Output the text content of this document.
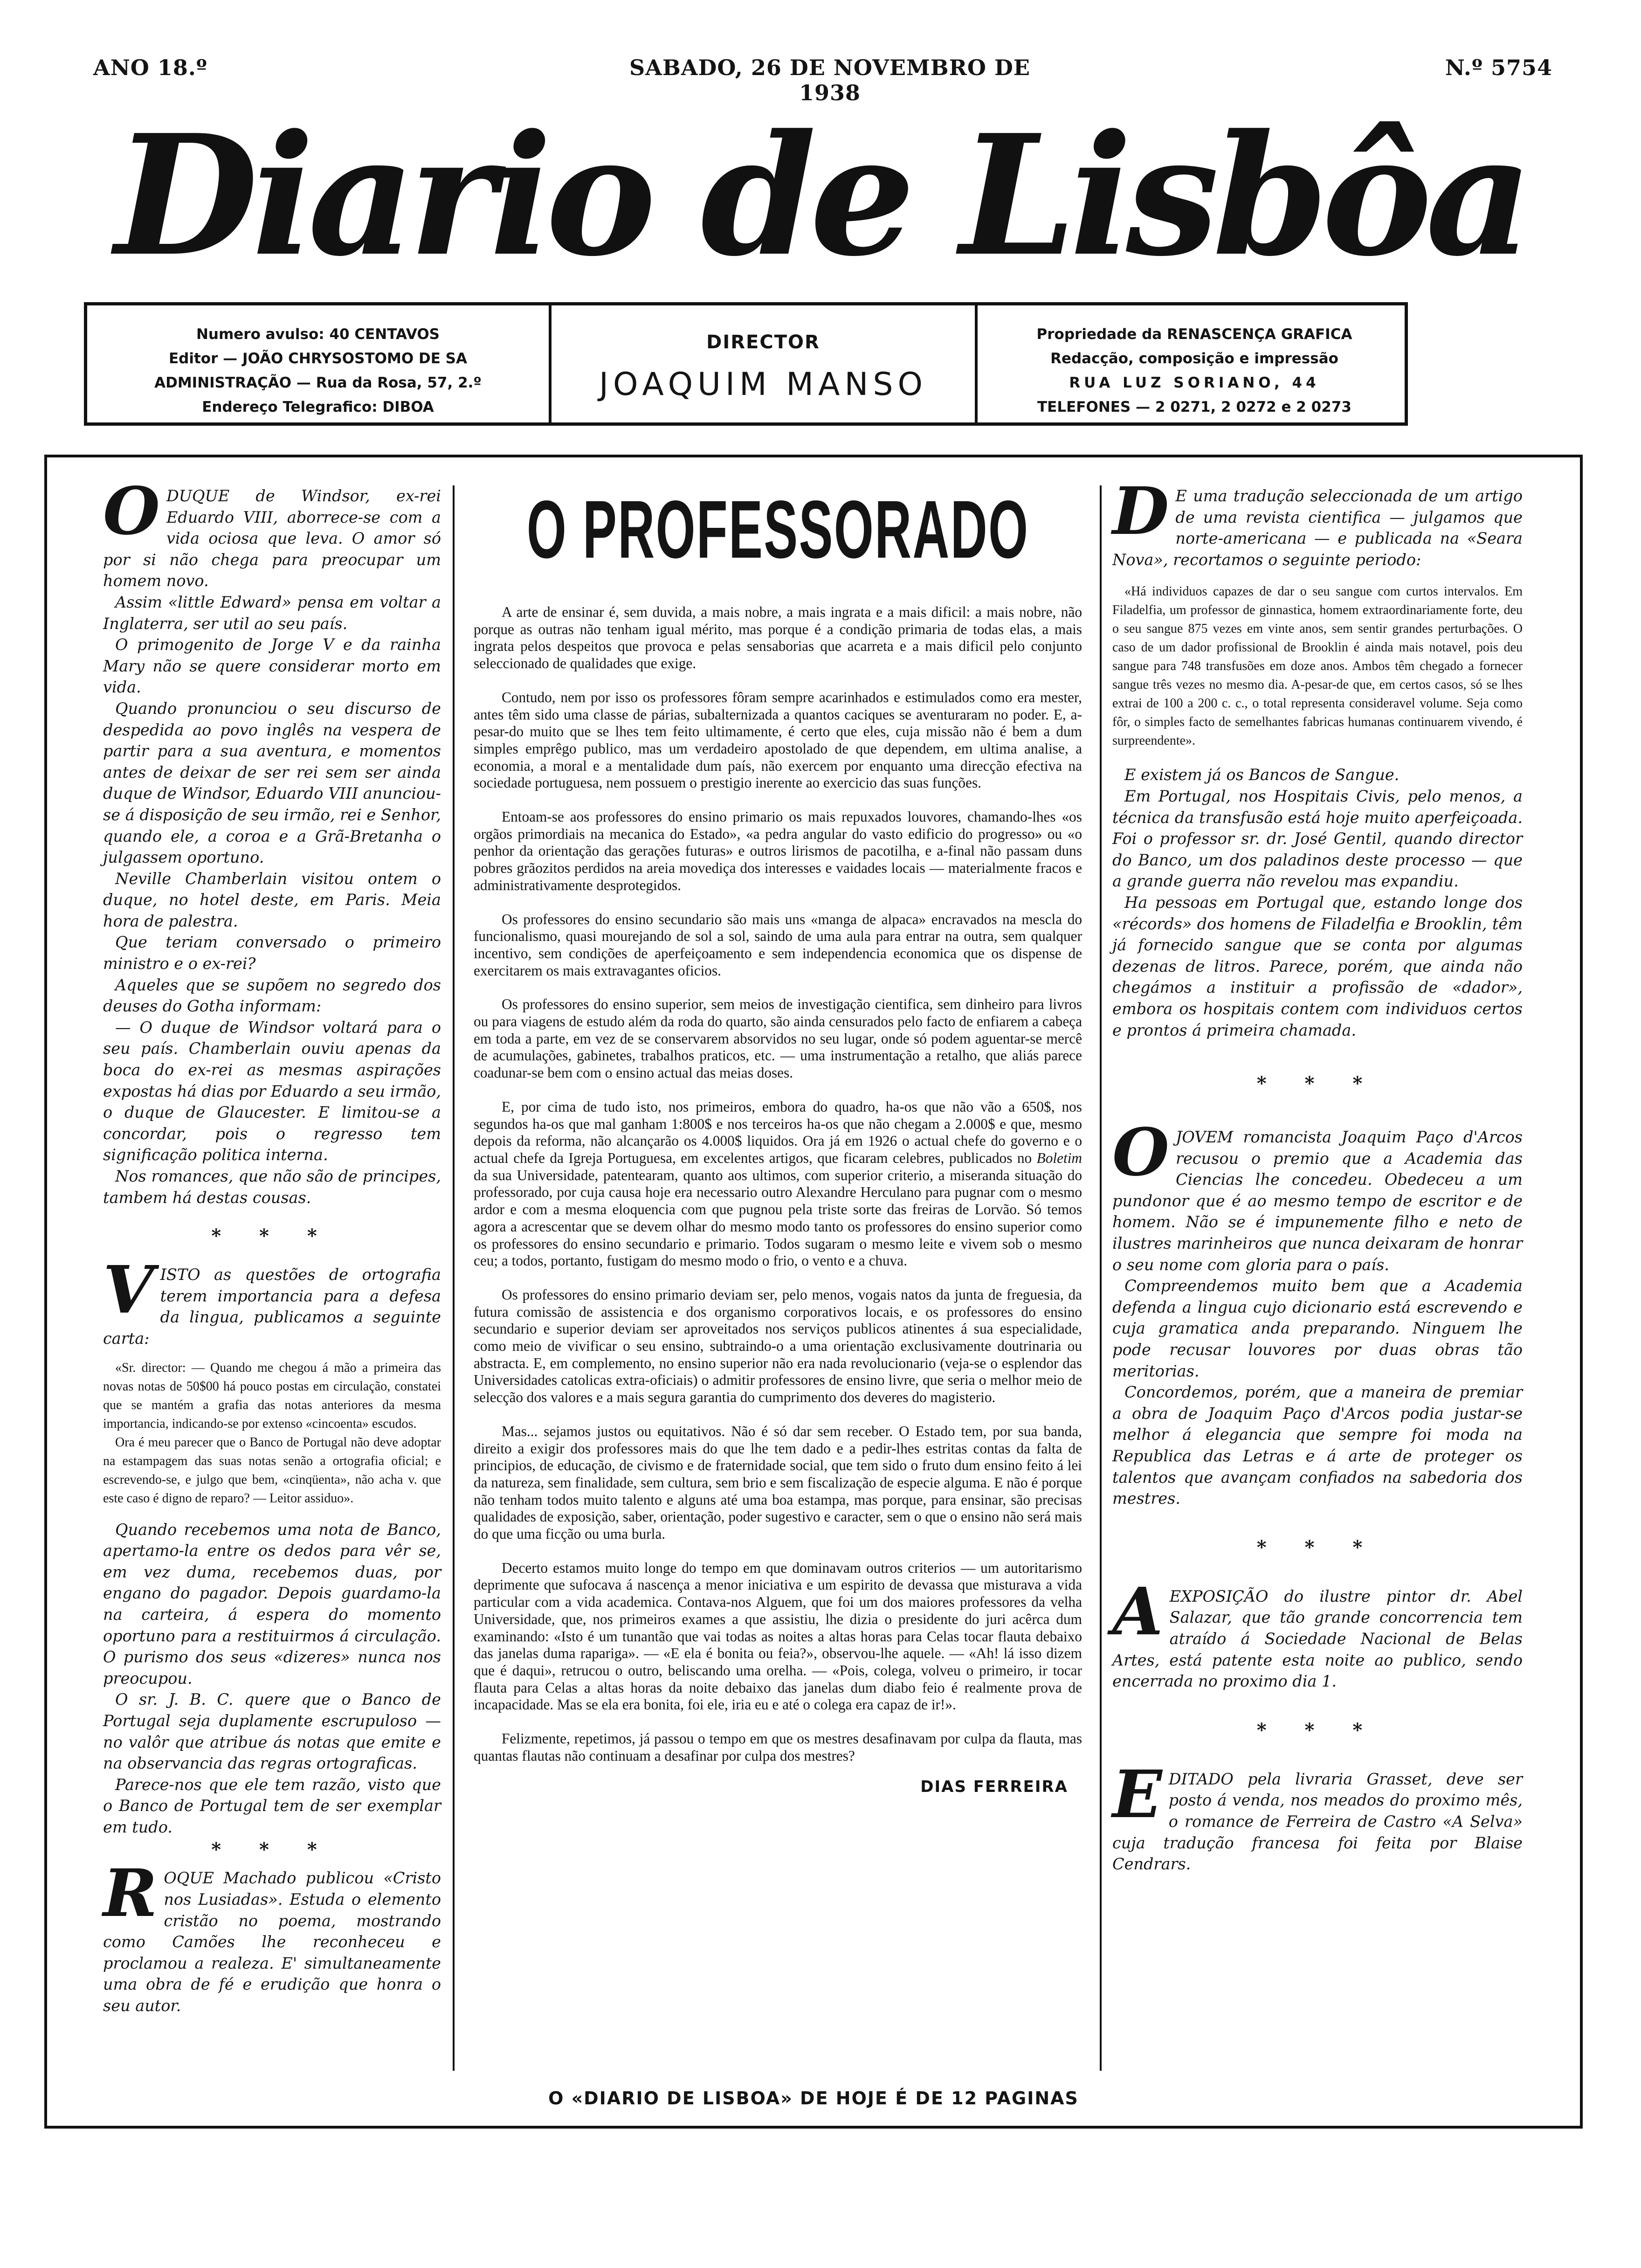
ANO 18.º	SABADO, 26 DE NOVEMBRO DE 1938
N.º 5754
Diario de Lisbôa
Numero avulso: 40 CENTAVOS
Editor — JOÃO CHRYSOSTOMO DE SA
ADMINISTRAÇÃO — Rua da Rosa, 57, 2.º
Endereço Telegrafico: DIBOA
DIRECTOR
JOAQUIM MANSO
Propriedade da RENASCENÇA GRAFICA
Redacção, composição e impressão
RUA LUZ SORIANO, 44
TELEFONES — 2 0271, 2 0272 e 2 0273

ODUQUE de Windsor, ex-rei Eduardo VIII, aborrece-se com a vida ociosa que leva. O amor só por si não chega para preocupar um homem novo.

Assim «little Edward» pensa em voltar a Inglaterra, ser util ao seu país.

O primogenito de Jorge V e da rainha Mary não se quere considerar morto em vida.

Quando pronunciou o seu discurso de despedida ao povo inglês na vespera de partir para a sua aventura, e momentos antes de deixar de ser rei sem ser ainda duque de Windsor, Eduardo VIII anunciou-se á disposição de seu irmão, rei e Senhor, quando ele, a coroa e a Grã-Bretanha o julgassem oportuno.

Neville Chamberlain visitou ontem o duque, no hotel deste, em Paris. Meia hora de palestra.

Que teriam conversado o primeiro ministro e o ex-rei?

Aqueles que se supõem no segredo dos deuses do Gotha informam:

— O duque de Windsor voltará para o seu país. Chamberlain ouviu apenas da boca do ex-rei as mesmas aspirações expostas há dias por Eduardo a seu irmão, o duque de Glaucester. E limitou-se a concordar, pois o regresso tem significação politica interna.

Nos romances, que não são de principes, tambem há destas cousas.

* * *

VISTO as questões de ortografia terem importancia para a defesa da lingua, publicamos a seguinte carta:

«Sr. director: — Quando me chegou á mão a primeira das novas notas de 50$00 há pouco postas em circulação, constatei que se mantém a grafia das notas anteriores da mesma importancia, indicando-se por extenso «cincoenta» escudos.

Ora é meu parecer que o Banco de Portugal não deve adoptar na estampagem das suas notas senão a ortografia oficial; e escrevendo-se, e julgo que bem, «cinqüenta», não acha v. que este caso é digno de reparo? — Leitor assiduo».

Quando recebemos uma nota de Banco, apertamo-la entre os dedos para vêr se, em vez duma, recebemos duas, por engano do pagador. Depois guardamo-la na carteira, á espera do momento oportuno para a restituirmos á circulação. O purismo dos seus «dizeres» nunca nos preocupou.

O sr. J. B. C. quere que o Banco de Portugal seja duplamente escrupuloso — no valôr que atribue ás notas que emite e na observancia das regras ortograficas.

Parece-nos que ele tem razão, visto que o Banco de Portugal tem de ser exemplar em tudo.

* * *

ROQUE Machado publicou «Cristo nos Lusiadas». Estuda o elemento cristão no poema, mostrando como Camões lhe reconheceu e proclamou a realeza. E' simultaneamente uma obra de fé e erudição que honra o seu autor.

O PROFESSORADO

A arte de ensinar é, sem duvida, a mais nobre, a mais ingrata e a mais dificil: a mais nobre, não porque as outras não tenham igual mérito, mas porque é a condição primaria de todas elas, a mais ingrata pelos despeitos que provoca e pelas sensaborias que acarreta e a mais dificil pelo conjunto seleccionado de qualidades que exige.

Contudo, nem por isso os professores fôram sempre acarinhados e estimulados como era mester, antes têm sido uma classe de párias, subalternizada a quantos caciques se aventuraram no poder. E, a-pesar-do muito que se lhes tem feito ultimamente, é certo que eles, cuja missão não é bem a dum simples emprêgo publico, mas um verdadeiro apostolado de que dependem, em ultima analise, a economia, a moral e a mentalidade dum país, não exercem por enquanto uma direcção efectiva na sociedade portuguesa, nem possuem o prestigio inerente ao exercicio das suas funções.

Entoam-se aos professores do ensino primario os mais repuxados louvores, chamando-lhes «os orgãos primordiais na mecanica do Estado», «a pedra angular do vasto edificio do progresso» ou «o penhor da orientação das gerações futuras» e outros lirismos de pacotilha, e a-final não passam duns pobres grãozitos perdidos na areia movediça dos interesses e vaidades locais — materialmente fracos e administrativamente desprotegidos.

Os professores do ensino secundario são mais uns «manga de alpaca» encravados na mescla do funcionalismo, quasi mourejando de sol a sol, saindo de uma aula para entrar na outra, sem qualquer incentivo, sem condições de aperfeiçoamento e sem independencia economica que os dispense de exercitarem os mais extravagantes oficios.

Os professores do ensino superior, sem meios de investigação cientifica, sem dinheiro para livros ou para viagens de estudo além da roda do quarto, são ainda censurados pelo facto de enfiarem a cabeça em toda a parte, em vez de se conservarem absorvidos no seu lugar, onde só podem aguentar-se mercê de acumulações, gabinetes, trabalhos praticos, etc. — uma instrumentação a retalho, que aliás parece coadunar-se bem com o ensino actual das meias doses.

E, por cima de tudo isto, nos primeiros, embora do quadro, ha-os que não vão a 650$, nos segundos ha-os que mal ganham 1:800$ e nos terceiros ha-os que não chegam a 2.000$ e que, mesmo depois da reforma, não alcançarão os 4.000$ liquidos. Ora já em 1926 o actual chefe do governo e o actual chefe da Igreja Portuguesa, em excelentes artigos, que ficaram celebres, publicados no Boletim da sua Universidade, patentearam, quanto aos ultimos, com superior criterio, a miseranda situação do professorado, por cuja causa hoje era necessario outro Alexandre Herculano para pugnar com o mesmo ardor e com a mesma eloquencia com que pugnou pela triste sorte das freiras de Lorvão. Só temos agora a acrescentar que se devem olhar do mesmo modo tanto os professores do ensino superior como os professores do ensino secundario e primario. Todos sugaram o mesmo leite e vivem sob o mesmo ceu; a todos, portanto, fustigam do mesmo modo o frio, o vento e a chuva.

Os professores do ensino primario deviam ser, pelo menos, vogais natos da junta de freguesia, da futura comissão de assistencia e dos organismo corporativos locais, e os professores do ensino secundario e superior deviam ser aproveitados nos serviços publicos atinentes á sua especialidade, como meio de vivificar o seu ensino, subtraindo-o a uma orientação exclusivamente doutrinaria ou abstracta. E, em complemento, no ensino superior não era nada revolucionario (veja-se o esplendor das Universidades catolicas extra-oficiais) o admitir professores de ensino livre, que seria o melhor meio de selecção dos valores e a mais segura garantia do cumprimento dos deveres do magisterio.

Mas... sejamos justos ou equitativos. Não é só dar sem receber. O Estado tem, por sua banda, direito a exigir dos professores mais do que lhe tem dado e a pedir-lhes estritas contas da falta de principios, de educação, de civismo e de fraternidade social, que tem sido o fruto dum ensino feito á lei da natureza, sem finalidade, sem cultura, sem brio e sem fiscalização de especie alguma. E não é porque não tenham todos muito talento e alguns até uma boa estampa, mas porque, para ensinar, são precisas qualidades de exposição, saber, orientação, poder sugestivo e caracter, sem o que o ensino não será mais do que uma ficção ou uma burla.

Decerto estamos muito longe do tempo em que dominavam outros criterios — um autoritarismo deprimente que sufocava á nascença a menor iniciativa e um espirito de devassa que misturava a vida particular com a vida academica. Contava-nos Alguem, que foi um dos maiores professores da velha Universidade, que, nos primeiros exames a que assistiu, lhe dizia o presidente do juri acêrca dum examinando: «Isto é um tunantão que vai todas as noites a altas horas para Celas tocar flauta debaixo das janelas duma rapariga». — «E ela é bonita ou feia?», observou-lhe aquele. — «Ah! lá isso dizem que é daqui», retrucou o outro, beliscando uma orelha. — «Pois, colega, volveu o primeiro, ir tocar flauta para Celas a altas horas da noite debaixo das janelas dum diabo feio é realmente prova de incapacidade. Mas se ela era bonita, foi ele, iria eu e até o colega era capaz de ir!».

Felizmente, repetimos, já passou o tempo em que os mestres desafinavam por culpa da flauta, mas quantas flautas não continuam a desafinar por culpa dos mestres?

DIAS FERREIRA

D E uma tradução seleccionada de um artigo de uma revista cientifica — julgamos que norte-americana — e publicada na «Seara Nova», recortamos o seguinte periodo:

«Há individuos capazes de dar o seu sangue com curtos intervalos. Em Filadelfia, um professor de ginnastica, homem extraordinariamente forte, deu o seu sangue 875 vezes em vinte anos, sem sentir grandes perturbações. O caso de um dador profissional de Brooklin é ainda mais notavel, pois deu sangue para 748 transfusões em doze anos. Ambos têm chegado a fornecer sangue três vezes no mesmo dia. A-pesar-de que, em certos casos, só se lhes extrai de 100 a 200 c. c., o total representa consideravel volume. Seja como fôr, o simples facto de semelhantes fabricas humanas continuarem vivendo, é surpreendente».

E existem já os Bancos de Sangue.

Em Portugal, nos Hospitais Civis, pelo menos, a técnica da transfusão está hoje muito aperfeiçoada. Foi o professor sr. dr. José Gentil, quando director do Banco, um dos paladinos deste processo — que a grande guerra não revelou mas expandiu.

Ha pessoas em Portugal que, estando longe dos «récords» dos homens de Filadelfia e Brooklin, têm já fornecido sangue que se conta por algumas dezenas de litros. Parece, porém, que ainda não chegámos a instituir a profissão de «dador», embora os hospitais contem com individuos certos e prontos á primeira chamada.

* * *

OJOVEM romancista Joaquim Paço d'Arcos recusou o premio que a Academia das Ciencias lhe concedeu. Obedeceu a um pundonor que é ao mesmo tempo de escritor e de homem. Não se é impunemente filho e neto de ilustres marinheiros que nunca deixaram de honrar o seu nome com gloria para o país.

Compreendemos muito bem que a Academia defenda a lingua cujo dicionario está escrevendo e cuja gramatica anda preparando. Ninguem lhe pode recusar louvores por duas obras tão meritorias.

Concordemos, porém, que a maneira de premiar a obra de Joaquim Paço d'Arcos podia justar-se melhor á elegancia que sempre foi moda na Republica das Letras e á arte de proteger os talentos que avançam confiados na sabedoria dos mestres.

* * *

AEXPOSIÇÃO do ilustre pintor dr. Abel Salazar, que tão grande concorrencia tem atraído á Sociedade Nacional de Belas Artes, está patente esta noite ao publico, sendo encerrada no proximo dia 1.

* * *

EDITADO pela livraria Grasset, deve ser posto á venda, nos meados do proximo mês, o romance de Ferreira de Castro «A Selva» cuja tradução francesa foi feita por Blaise Cendrars.

O «DIARIO DE LISBOA» DE HOJE É DE 12 PAGINAS
